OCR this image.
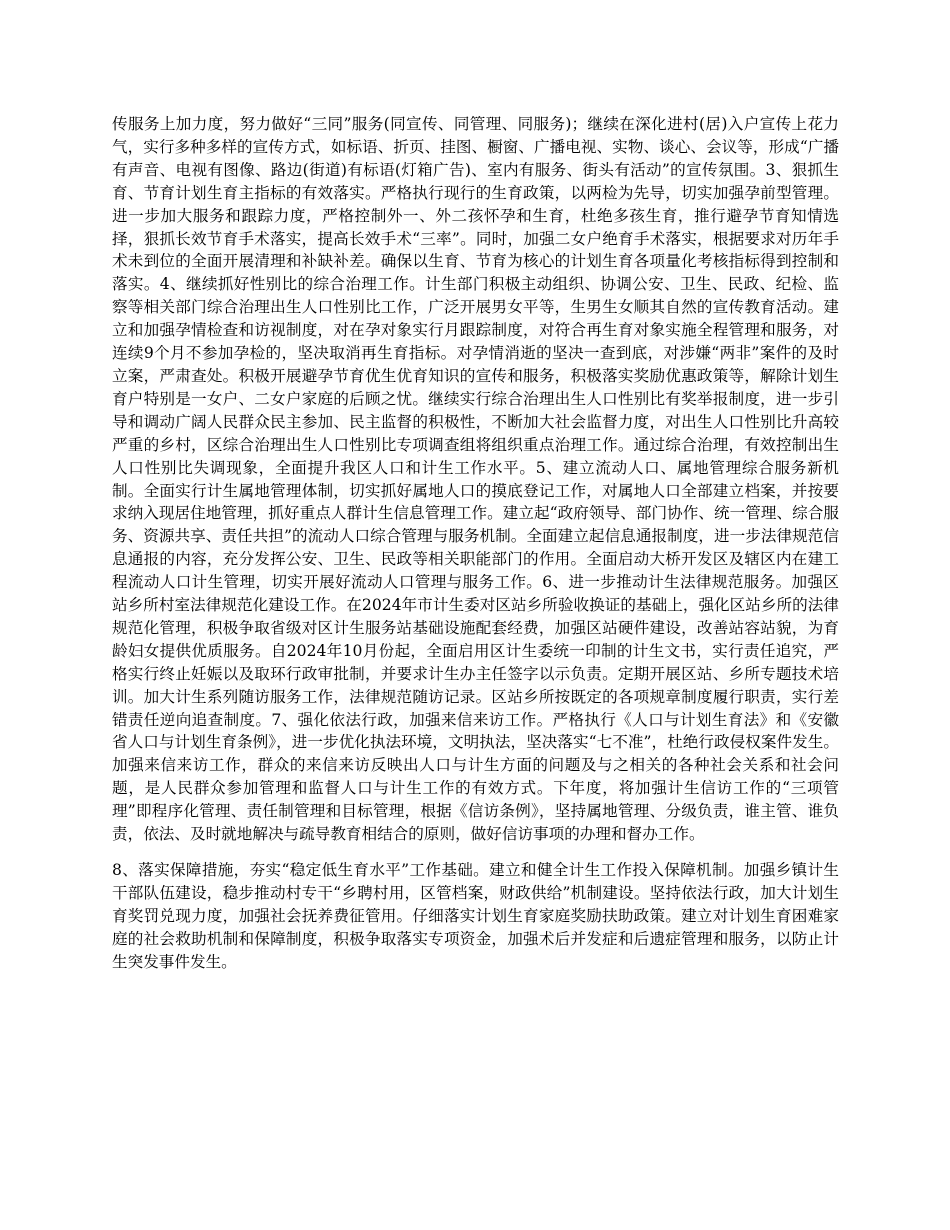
传服务上加力度，努力做好“三同”服务(同宣传、同管理、同服务)；继续在深化进村(居)入户宣传上花力气，实行多种多样的宣传方式，如标语、折页、挂图、橱窗、广播电视、实物、谈心、会议等，形成“广播有声音、电视有图像、路边(街道)有标语(灯箱广告)、室内有服务、街头有活动”的宣传氛围。3、狠抓生育、节育计划生育主指标的有效落实。严格执行现行的生育政策，以两检为先导，切实加强孕前型管理。进一步加大服务和跟踪力度，严格控制外一、外二孩怀孕和生育，杜绝多孩生育，推行避孕节育知情选择，狠抓长效节育手术落实，提高长效手术“三率”。同时，加强二女户绝育手术落实，根据要求对历年手术未到位的全面开展清理和补缺补差。确保以生育、节育为核心的计划生育各项量化考核指标得到控制和落实。4、继续抓好性别比的综合治理工作。计生部门积极主动组织、协调公安、卫生、民政、纪检、监察等相关部门综合治理出生人口性别比工作，广泛开展男女平等，生男生女顺其自然的宣传教育活动。建立和加强孕情检查和访视制度，对在孕对象实行月跟踪制度，对符合再生育对象实施全程管理和服务，对连续9个月不参加孕检的，坚决取消再生育指标。对孕情消逝的坚决一查到底，对涉嫌“两非”案件的及时立案，严肃查处。积极开展避孕节育优生优育知识的宣传和服务，积极落实奖励优惠政策等，解除计划生育户特别是一女户、二女户家庭的后顾之忧。继续实行综合治理出生人口性别比有奖举报制度，进一步引导和调动广阔人民群众民主参加、民主监督的积极性，不断加大社会监督力度，对出生人口性别比升高较严重的乡村，区综合治理出生人口性别比专项调查组将组织重点治理工作。通过综合治理，有效控制出生人口性别比失调现象，全面提升我区人口和计生工作水平。5、建立流动人口、属地管理综合服务新机制。全面实行计生属地管理体制，切实抓好属地人口的摸底登记工作，对属地人口全部建立档案，并按要求纳入现居住地管理，抓好重点人群计生信息管理工作。建立起“政府领导、部门协作、统一管理、综合服务、资源共享、责任共担”的流动人口综合管理与服务机制。全面建立起信息通报制度，进一步法律规范信息通报的内容，充分发挥公安、卫生、民政等相关职能部门的作用。全面启动大桥开发区及辖区内在建工程流动人口计生管理，切实开展好流动人口管理与服务工作。6、进一步推动计生法律规范服务。加强区站乡所村室法律规范化建设工作。在2024年市计生委对区站乡所验收换证的基础上，强化区站乡所的法律规范化管理，积极争取省级对区计生服务站基础设施配套经费，加强区站硬件建设，改善站容站貌，为育龄妇女提供优质服务。自2024年10月份起，全面启用区计生委统一印制的计生文书，实行责任追究，严格实行终止妊娠以及取环行政审批制，并要求计生办主任签字以示负责。定期开展区站、乡所专题技术培训。加大计生系列随访服务工作，法律规范随访记录。区站乡所按既定的各项规章制度履行职责，实行差错责任逆向追查制度。7、强化依法行政，加强来信来访工作。严格执行《人口与计划生育法》和《安徽省人口与计划生育条例》，进一步优化执法环境，文明执法，坚决落实“七不准”，杜绝行政侵权案件发生。加强来信来访工作，群众的来信来访反映出人口与计生方面的问题及与之相关的各种社会关系和社会问题，是人民群众参加管理和监督人口与计生工作的有效方式。下年度，将加强计生信访工作的“三项管理”即程序化管理、责任制管理和目标管理，根据《信访条例》，坚持属地管理、分级负责，谁主管、谁负责，依法、及时就地解决与疏导教育相结合的原则，做好信访事项的办理和督办工作。

8、落实保障措施，夯实“稳定低生育水平”工作基础。建立和健全计生工作投入保障机制。加强乡镇计生干部队伍建设，稳步推动村专干“乡聘村用，区管档案，财政供给”机制建设。坚持依法行政，加大计划生育奖罚兑现力度，加强社会抚养费征管用。仔细落实计划生育家庭奖励扶助政策。建立对计划生育困难家庭的社会救助机制和保障制度，积极争取落实专项资金，加强术后并发症和后遗症管理和服务，以防止计生突发事件发生。
